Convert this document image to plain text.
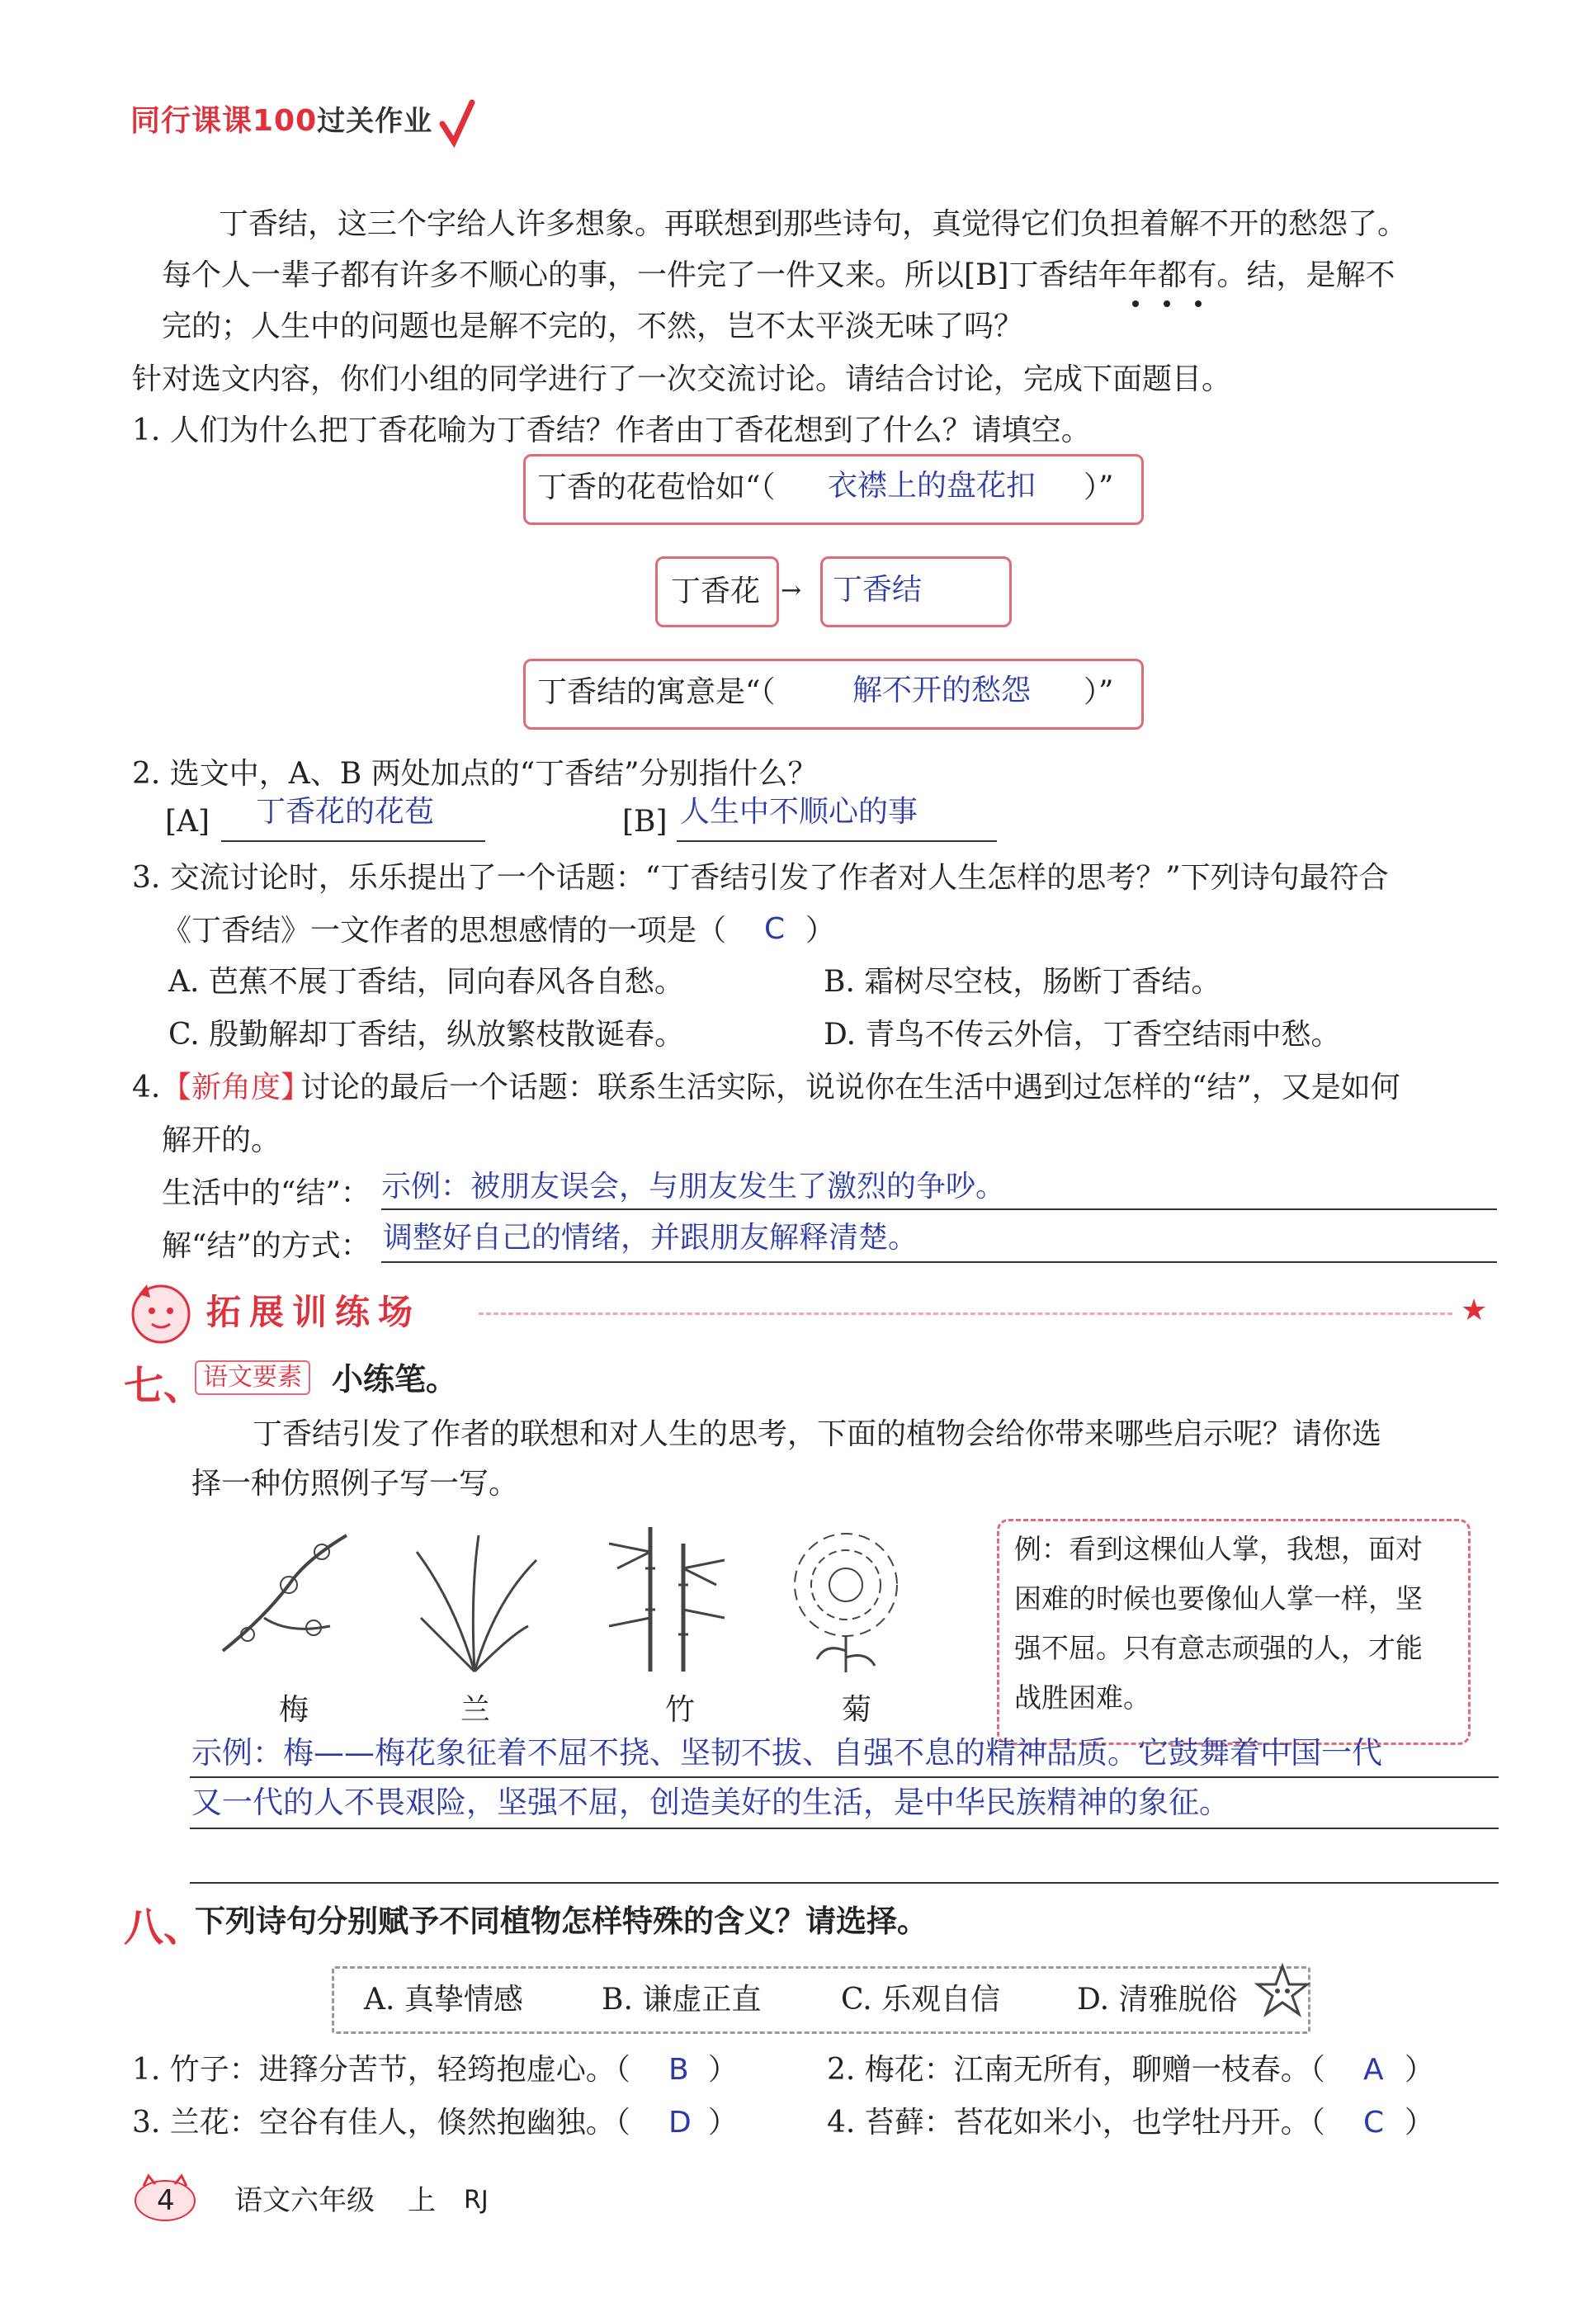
同行课课100过关作业
丁香结，这三个字给人许多想象。再联想到那些诗句，真觉得它们负担着解不开的愁怨了。
每个人一辈子都有许多不顺心的事，一件完了一件又来。所以[B]丁香结年年都有。结，是解不
完的；人生中的问题也是解不完的，不然，岂不太平淡无味了吗？
针对选文内容，你们小组的同学进行了一次交流讨论。请结合讨论，完成下面题目。
1. 人们为什么把丁香花喻为丁香结？作者由丁香花想到了什么？请填空。
丁香的花苞恰如“（ 衣襟上的盘花扣 ）”
丁香花 → 丁香结
丁香结的寓意是“（	解不开的愁怨 ）”
2. 选文中，A、B 两处加点的“丁香结”分别指什么？
[A] 丁香花的花苞	[B] 人生中不顺心的事
3. 交流讨论时，乐乐提出了一个话题：“丁香结引发了作者对人生怎样的思考？”下列诗句最符合
《丁香结》一文作者的思想感情的一项是（ C ）
A. 芭蕉不展丁香结，同向春风各自愁。	B. 霜树尽空枝，肠断丁香结。
C. 殷勤解却丁香结，纵放繁枝散诞春。	D. 青鸟不传云外信，丁香空结雨中愁。
4. 【新角度】
讨论的最后一个话题：联系生活实际，说说你在生活中遇到过怎样的“结”，又是如何
解开的。
生活中的“结”： 示例：被朋友误会，与朋友发生了激烈的争吵。
解“结”的方式： 调整好自己的情绪，并跟朋友解释清楚。
拓展训练场	★
七、 语文要素 小练笔。
丁香结引发了作者的联想和对人生的思考，下面的植物会给你带来哪些启示呢？请你选
择一种仿照例子写一写。
梅	兰	竹	菊
例：看到这棵仙人掌，我想，面对
困难的时候也要像仙人掌一样，坚
强不屈。只有意志顽强的人，才能
战胜困难。
示例：梅——梅花象征着不屈不挠、坚韧不拔、自强不息的精神品质。它鼓舞着中国一代
又一代的人不畏艰险，坚强不屈，创造美好的生活，是中华民族精神的象征。
八、
下列诗句分别赋予不同植物怎样特殊的含义？请选择。
A. 真挚情感	B. 谦虚正直	C. 乐观自信	D. 清雅脱俗
1. 竹子：进箨分苦节，轻筠抱虚心。（ B ）	2. 梅花：江南无所有，聊赠一枝春。（ A ）
3. 兰花：空谷有佳人，倏然抱幽独。（ D ）	4. 苔藓：苔花如米小，也学牡丹开。（ C ）
4 语文六年级 上 RJ
